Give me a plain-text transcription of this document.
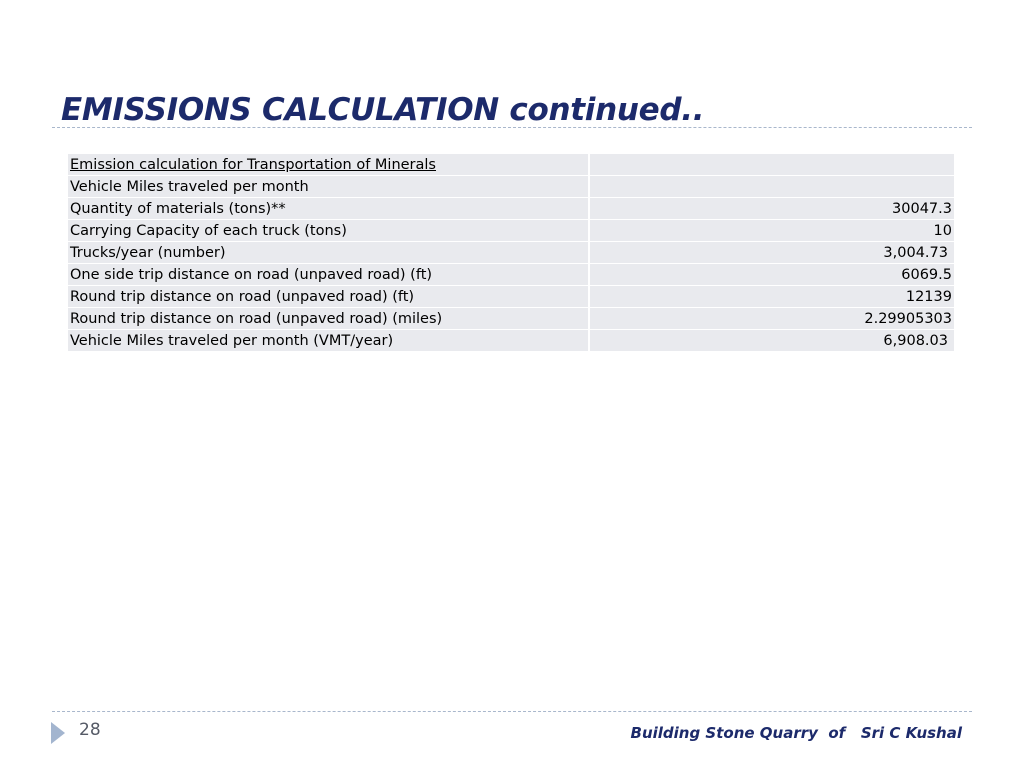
EMISSIONS CALCULATION continued..
Emission calculation for Transportation of Minerals	
Vehicle Miles traveled per month	
Quantity of materials (tons)**	30047.3
Carrying Capacity of each truck (tons)	10
Trucks/year (number)	3,004.73
One side trip distance on road (unpaved road) (ft)	6069.5
Round trip distance on road (unpaved road) (ft)	12139
Round trip distance on road (unpaved road) (miles)	2.29905303
Vehicle Miles traveled per month (VMT/year)	6,908.03
28	Building Stone Quarry  of   Sri C Kushal
